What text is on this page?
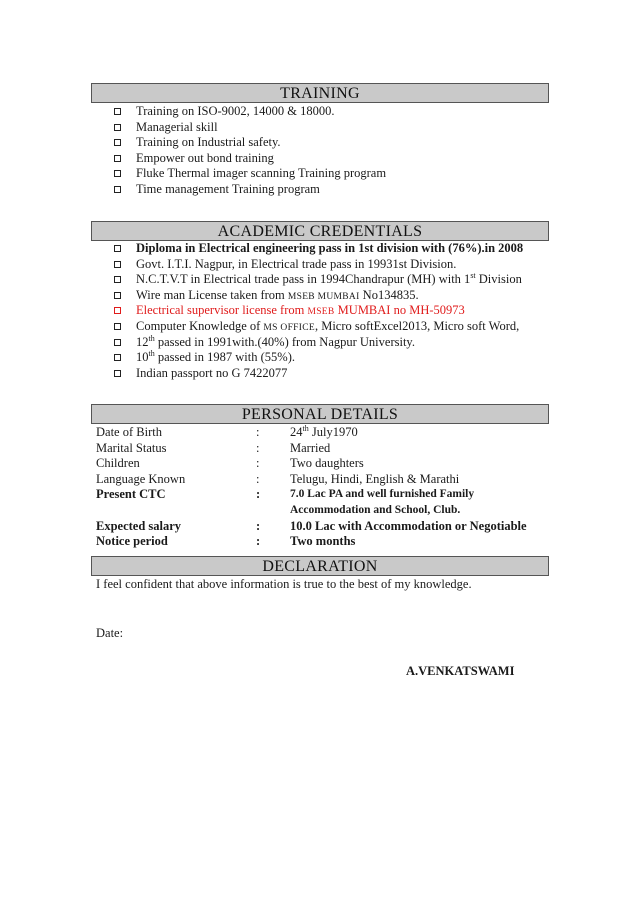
TRAINING
Training on ISO-9002, 14000 & 18000.
Managerial skill
Training on Industrial safety.
Empower out bond training
Fluke Thermal imager scanning Training program
Time management Training program
ACADEMIC CREDENTIALS
Diploma in Electrical engineering pass in 1st division with (76%).in 2008
Govt. I.T.I. Nagpur, in Electrical trade pass in 19931st Division.
N.C.T.V.T in Electrical trade pass in 1994Chandrapur (MH) with 1st Division
Wire man License taken from MSEB MUMBAI No134835.
Electrical supervisor license from MSEB MUMBAI no MH-50973
Computer Knowledge of MS OFFICE, Micro softExcel2013, Micro soft Word,
12th passed in 1991with.(40%) from Nagpur University.
10th passed in 1987 with (55%).
Indian passport no G 7422077
PERSONAL DETAILS
Date of Birth	:	24th July1970
Marital Status	:	Married
Children	:	Two daughters
Language Known	:	Telugu, Hindi, English & Marathi
Present CTC	:	7.0 Lac PA and well furnished Family
		Accommodation and School, Club.
Expected salary	:	10.0 Lac with Accommodation or Negotiable
Notice period	:	Two months
DECLARATION
I feel confident that above information is true to the best of my knowledge.
Date:
A.VENKATSWAMI
